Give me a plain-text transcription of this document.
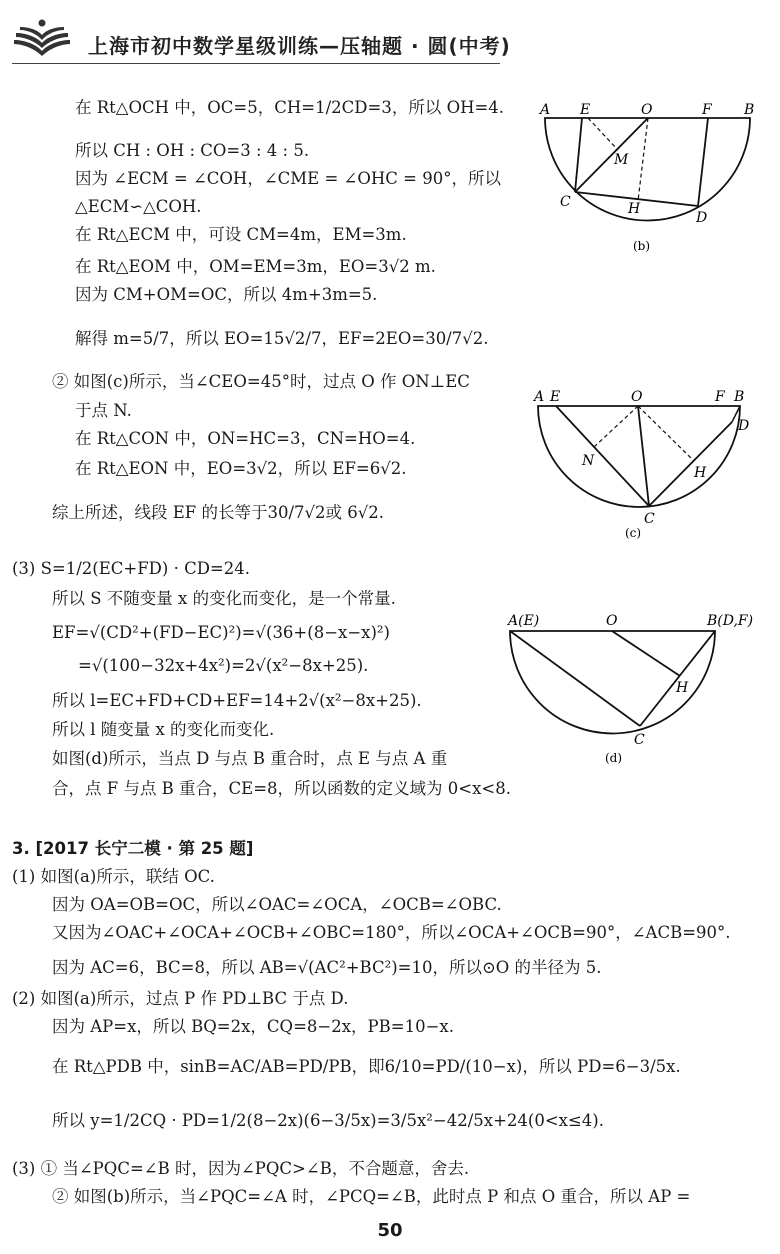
上海市初中数学星级训练—压轴题 · 圆(中考)
在 Rt△OCH 中，OC=5，CH=1/2CD=3，所以 OH=4.
所以 CH : OH : CO=3 : 4 : 5.
因为 ∠ECM = ∠COH，∠CME = ∠OHC = 90°，所以
△ECM∽△COH.
在 Rt△ECM 中，可设 CM=4m，EM=3m.
在 Rt△EOM 中，OM=EM=3m，EO=3√2 m.
因为 CM+OM=OC，所以 4m+3m=5.
解得 m=5/7，所以 EO=15√2/7，EF=2EO=30/7√2.
② 如图(c)所示，当∠CEO=45°时，过点 O 作 ON⊥EC
于点 N.
在 Rt△CON 中，ON=HC=3，CN=HO=4.
在 Rt△EON 中，EO=3√2，所以 EF=6√2.
综上所述，线段 EF 的长等于30/7√2或 6√2.
(3) S=1/2(EC+FD) · CD=24.
所以 S 不随变量 x 的变化而变化，是一个常量.
EF=√(CD²+(FD−EC)²)=√(36+(8−x−x)²)
=√(100−32x+4x²)=2√(x²−8x+25).
所以 l=EC+FD+CD+EF=14+2√(x²−8x+25).
所以 l 随变量 x 的变化而变化.
如图(d)所示，当点 D 与点 B 重合时，点 E 与点 A 重
合，点 F 与点 B 重合，CE=8，所以函数的定义域为 0<x<8.
3. [2017 长宁二模 · 第 25 题]
(1) 如图(a)所示，联结 OC.
因为 OA=OB=OC，所以∠OAC=∠OCA，∠OCB=∠OBC.
又因为∠OAC+∠OCA+∠OCB+∠OBC=180°，所以∠OCA+∠OCB=90°，∠ACB=90°.
因为 AC=6，BC=8，所以 AB=√(AC²+BC²)=10，所以⊙O 的半径为 5.
(2) 如图(a)所示，过点 P 作 PD⊥BC 于点 D.
因为 AP=x，所以 BQ=2x，CQ=8−2x，PB=10−x.
在 Rt△PDB 中，sinB=AC/AB=PD/PB，即6/10=PD/(10−x)，所以 PD=6−3/5x.
所以 y=1/2CQ · PD=1/2(8−2x)(6−3/5x)=3/5x²−42/5x+24(0<x≤4).
(3) ① 当∠PQC=∠B 时，因为∠PQC>∠B，不合题意，舍去.
② 如图(b)所示，当∠PQC=∠A 时，∠PCQ=∠B，此时点 P 和点 O 重合，所以 AP =
A E	O	F B
M
C	H
D
(b)
A E	O	F B
D
N
H
C
(c)
A(E)	O	B(D,F)
H
C
(d)
50
